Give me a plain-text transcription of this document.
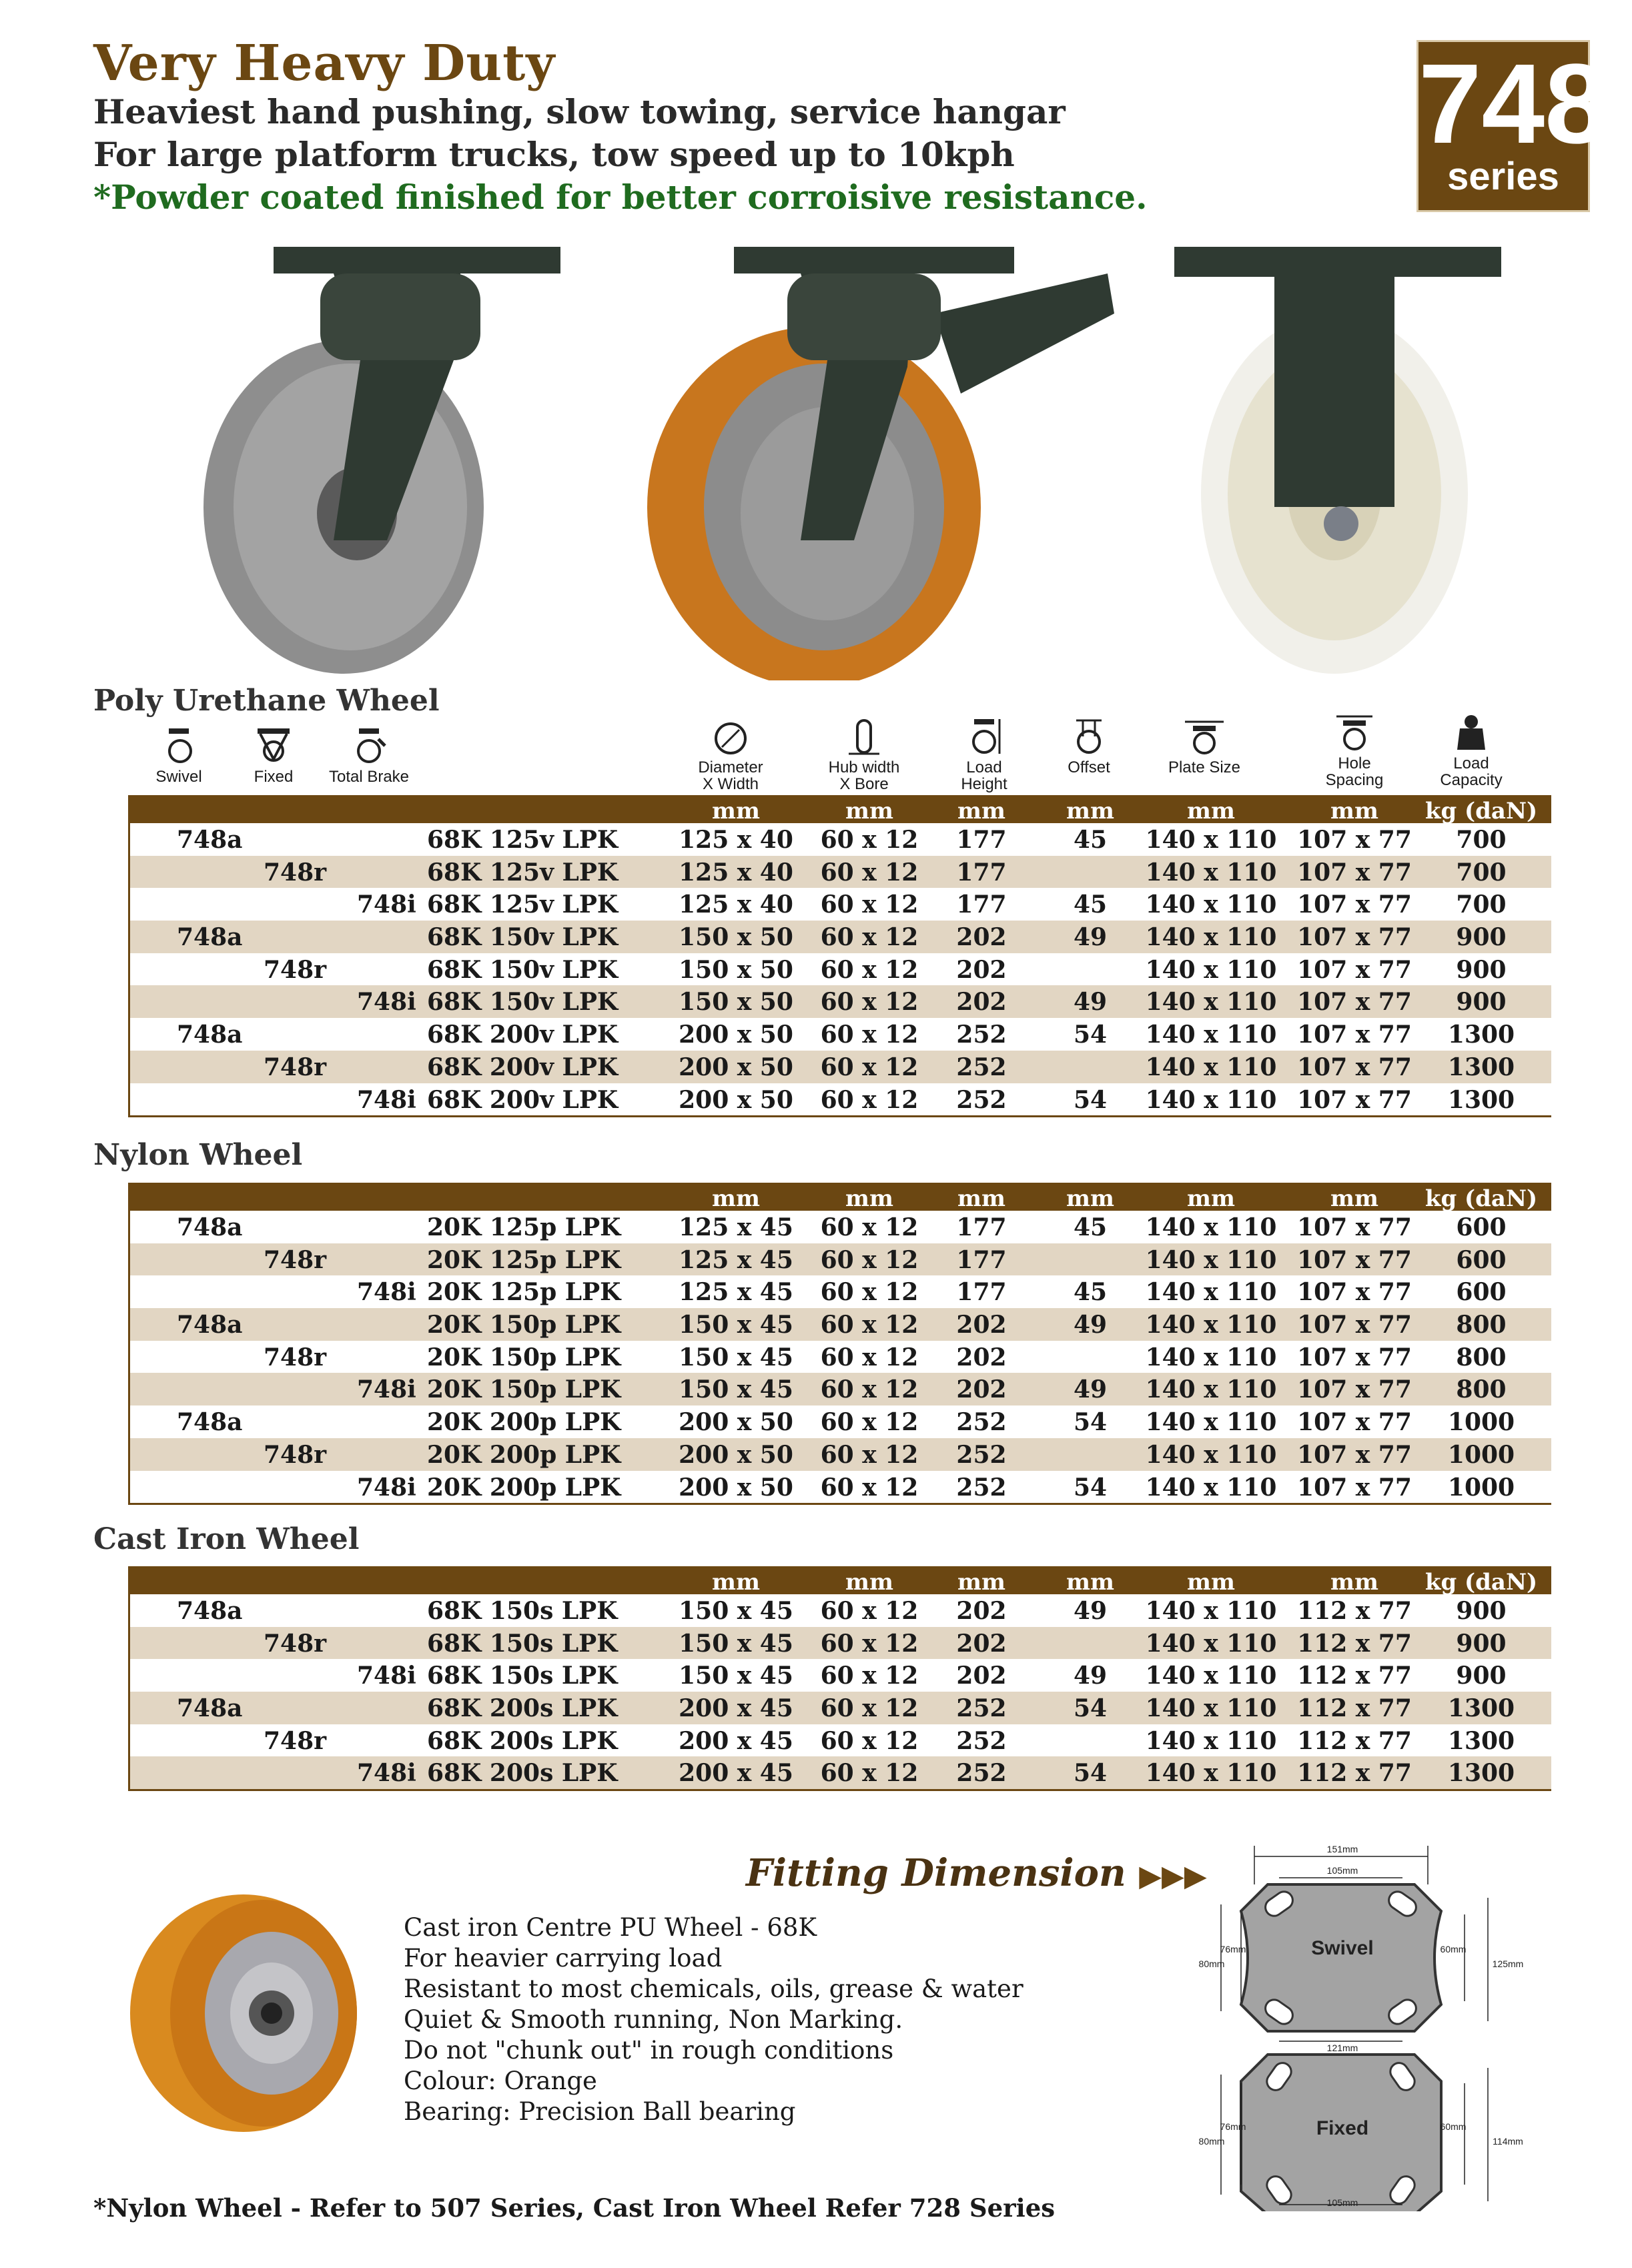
Very Heavy Duty
Heaviest hand pushing, slow towing, service hangar
For large platform trucks, tow speed up to 10kph
*Powder coated finished for better corroisive resistance.
748
series
Poly Urethane Wheel
Swivel	Fixed	Total Brake
Diameter
X Width
Hub width
X Bore
Load
Height
Offset	Plate Size	Hole
Spacing
Load
Capacity
mm	mm	mm	mm	mm	mm kg (daN)
748a	68K 125v LPK	125 x 40 60 x 12 177	45 140 x 110 107 x 77 700
748r	68K 125v LPK	125 x 40 60 x 12 177	140 x 110 107 x 77 700
748i 68K 125v LPK	125 x 40 60 x 12 177	45 140 x 110 107 x 77 700
748a	68K 150v LPK	150 x 50 60 x 12 202	49 140 x 110 107 x 77 900
748r	68K 150v LPK	150 x 50 60 x 12 202	140 x 110 107 x 77 900
748i 68K 150v LPK	150 x 50 60 x 12 202	49 140 x 110 107 x 77 900
748a	68K 200v LPK	200 x 50 60 x 12 252	54 140 x 110 107 x 77 1300
748r	68K 200v LPK	200 x 50 60 x 12 252	140 x 110 107 x 77 1300
748i 68K 200v LPK	200 x 50 60 x 12 252	54 140 x 110 107 x 77 1300
Nylon Wheel
mm	mm	mm	mm	mm	mm kg (daN)
748a	20K 125p LPK 125 x 45 60 x 12 177	45 140 x 110 107 x 77 600
748r	20K 125p LPK 125 x 45 60 x 12 177	140 x 110 107 x 77 600
748i 20K 125p LPK 125 x 45 60 x 12 177	45 140 x 110 107 x 77 600
748a	20K 150p LPK 150 x 45 60 x 12 202	49 140 x 110 107 x 77 800
748r	20K 150p LPK 150 x 45 60 x 12 202	140 x 110 107 x 77 800
748i 20K 150p LPK 150 x 45 60 x 12 202	49 140 x 110 107 x 77 800
748a	20K 200p LPK 200 x 50 60 x 12 252	54 140 x 110 107 x 77 1000
748r	20K 200p LPK 200 x 50 60 x 12 252	140 x 110 107 x 77 1000
748i 20K 200p LPK 200 x 50 60 x 12 252	54 140 x 110 107 x 77 1000
Cast Iron Wheel
mm	mm	mm	mm	mm	mm kg (daN)
748a	68K 150s LPK	150 x 45 60 x 12 202	49 140 x 110 112 x 77 900
748r	68K 150s LPK	150 x 45 60 x 12 202	140 x 110 112 x 77 900
748i 68K 150s LPK	150 x 45 60 x 12 202	49 140 x 110 112 x 77 900
748a	68K 200s LPK	200 x 45 60 x 12 252	54 140 x 110 112 x 77 1300
748r	68K 200s LPK	200 x 45 60 x 12 252	140 x 110 112 x 77 1300
748i 68K 200s LPK	200 x 45 60 x 12 252	54 140 x 110 112 x 77 1300
Fitting Dimension ▶▶▶
Cast iron Centre PU Wheel - 68K
For heavier carrying load
Resistant to most chemicals, oils, grease & water
Quiet & Smooth running, Non Marking.
Do not "chunk out" in rough conditions
Colour: Orange
Bearing: Precision Ball bearing
Swivel
Fixed
151mm
105mm
76mm
80mm
60mm
125mm
121mm
76mm
80mm
60mm
114mm
105mm
*Nylon Wheel - Refer to 507 Series, Cast Iron Wheel Refer 728 Series
